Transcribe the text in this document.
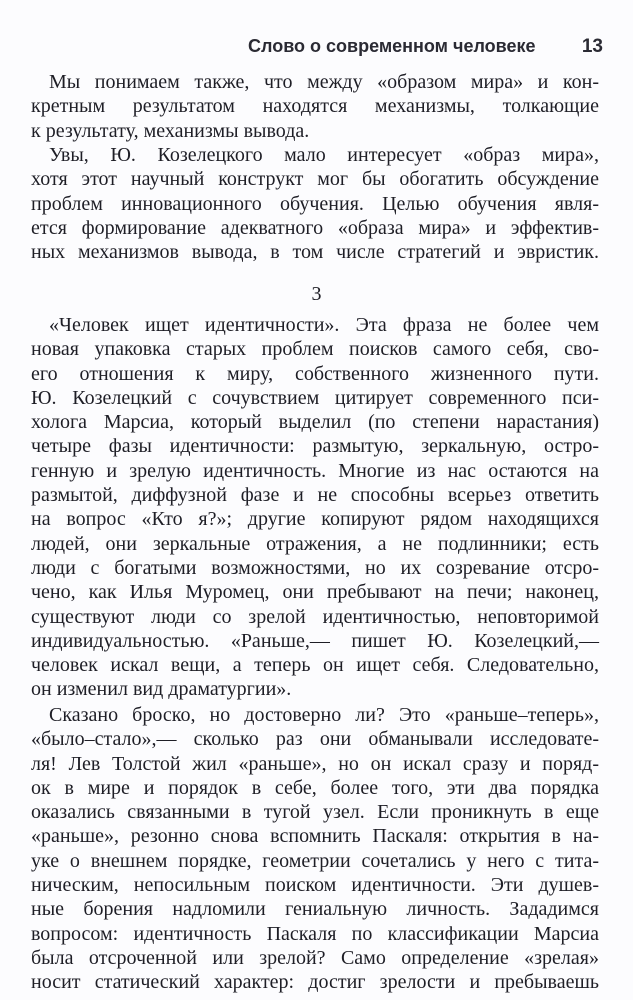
Слово о современном человеке 13

Мы понимаем также, что между «образом мира» и кон-
кретным результатом находятся механизмы, толкающие
к результату, механизмы вывода.

Увы, Ю. Козелецкого мало интересует «образ мира»,
хотя этот научный конструкт мог бы обогатить обсуждение
проблем инновационного обучения. Целью обучения явля-
ется формирование адекватного «образа мира» и эффектив-
ных механизмов вывода, в том числе стратегий и эвристик.

3

«Человек ищет идентичности». Эта фраза не более чем
новая упаковка старых проблем поисков самого себя, сво-
его отношения к миру, собственного жизненного пути.
Ю. Козелецкий с сочувствием цитирует современного пси-
холога Марсиа, который выделил (по степени нарастания)
четыре фазы идентичности: размытую, зеркальную, остро-
генную и зрелую идентичность. Многие из нас остаются на
размытой, диффузной фазе и не способны всерьез ответить
на вопрос «Кто я?»; другие копируют рядом находящихся
людей, они зеркальные отражения, а не подлинники; есть
люди с богатыми возможностями, но их созревание отсро-
чено, как Илья Муромец, они пребывают на печи; наконец,
существуют люди со зрелой идентичностью, неповторимой
индивидуальностью. «Раньше,— пишет Ю. Козелецкий,—
человек искал вещи, а теперь он ищет себя. Следовательно,
он изменил вид драматургии».

Сказано броско, но достоверно ли? Это «раньше–теперь»,
«было–стало»,— сколько раз они обманывали исследовате-
ля! Лев Толстой жил «раньше», но он искал сразу и поряд-
ок в мире и порядок в себе, более того, эти два порядка
оказались связанными в тугой узел. Если проникнуть в еще
«раньше», резонно снова вспомнить Паскаля: открытия в на-
уке о внешнем порядке, геометрии сочетались у него с тита-
ническим, непосильным поиском идентичности. Эти душев-
ные борения надломили гениальную личность. Зададимся
вопросом: идентичность Паскаля по классификации Марсиа
была отсроченной или зрелой? Само определение «зрелая»
носит статический характер: достиг зрелости и пребываешь
